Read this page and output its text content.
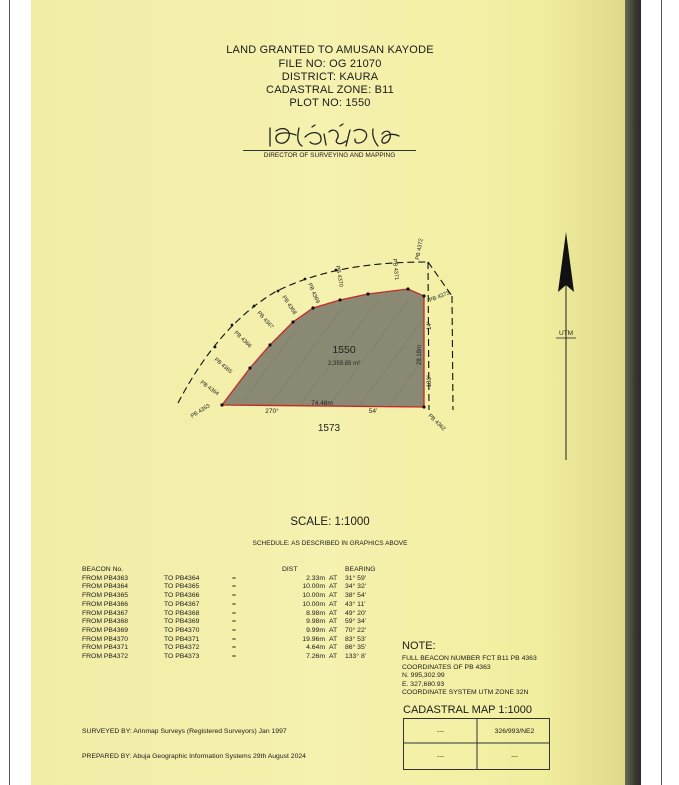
LAND GRANTED TO AMUSAN KAYODE
FILE NO: OG 21070
DISTRICT: KAURA
CADASTRAL ZONE: B11
PLOT NO: 1550
1550
2,359.85 m²
1573
74.48m
270°	54'
28.18m
14'
180°
PB 4363
PB 4364
PB 4365
PB 4366
PB 4367
PB 4368
PB 4369
PB 4370	PB 4371
PB 4372
PB 4373
PB 4362
UTM
DIRECTOR OF SURVEYING AND MAPPING
SCALE: 1:1000
SCHEDULE: AS DESCRIBED IN GRAPHICS ABOVE
BEACON No.			DIST		BEARING
FROM PB4363	TO PB4364	=	2.33m	AT	31° 59'
FROM PB4364	TO PB4365	=	10.00m	AT	34° 32'
FROM PB4365	TO PB4366	=	10.00m	AT	38° 54'
FROM PB4366	TO PB4367	=	10.00m	AT	43° 11'
FROM PB4367	TO PB4368	=	8.98m	AT	49° 20'
FROM PB4368	TO PB4369	=	9.98m	AT	59° 34'
FROM PB4369	TO PB4370	=	9.99m	AT	70° 22'
FROM PB4370	TO PB4371	=	19.96m	AT	83° 53'
FROM PB4371	TO PB4372	=	4.64m	AT	86° 35'
FROM PB4372	TO PB4373	=	7.26m	AT	133° 8'
NOTE:
FULL BEACON NUMBER FCT B11 PB 4363
COORDINATES OF PB 4363
N. 995,302.99
E. 327,680.93
COORDINATE SYSTEM UTM ZONE 32N
CADASTRAL MAP 1:1000
---	326/993/NE2
---	---
SURVEYED BY: Arinmap Surveys (Registered Surveyors) Jan 1997
PREPARED BY: Abuja Geographic Information Systems 29th August 2024
